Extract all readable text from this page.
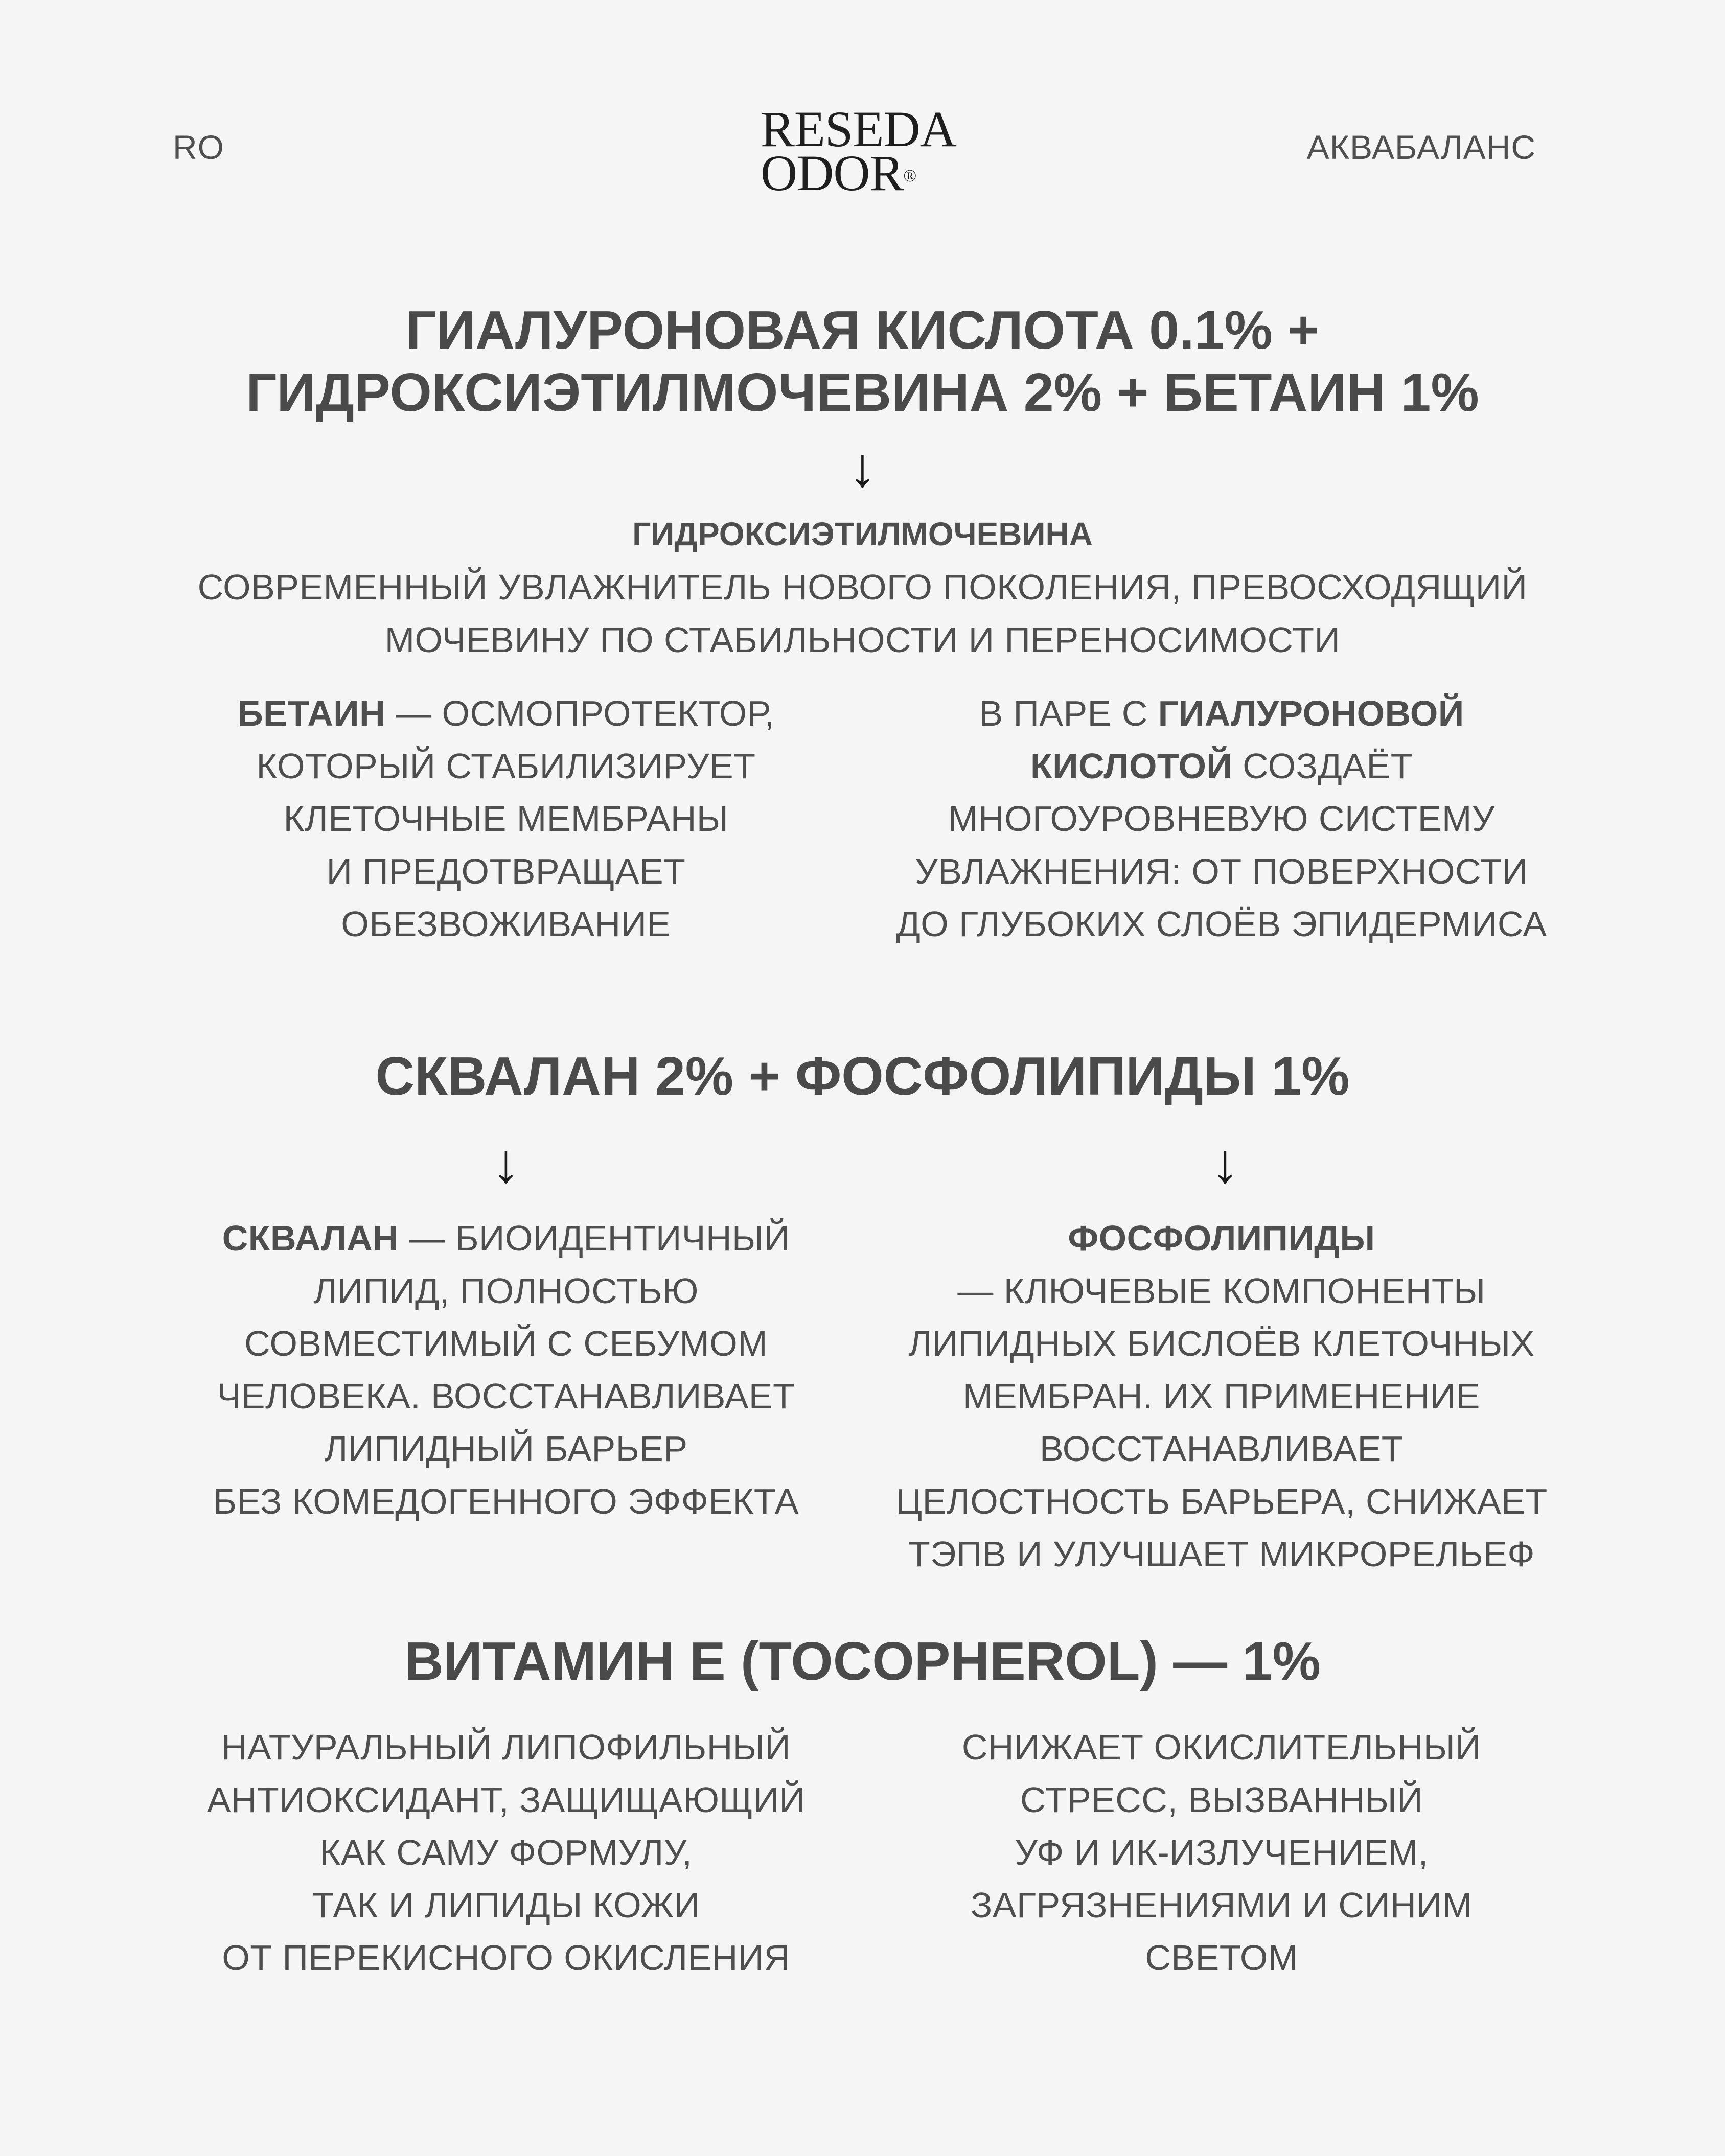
RO	RESEDA
ODOR®
АКВАБАЛАНС
ГИАЛУРОНОВАЯ КИСЛОТА 0.1% +
ГИДРОКСИЭТИЛМОЧЕВИНА 2% + БЕТАИН 1%
↓
ГИДРОКСИЭТИЛМОЧЕВИНА
СОВРЕМЕННЫЙ УВЛАЖНИТЕЛЬ НОВОГО ПОКОЛЕНИЯ, ПРЕВОСХОДЯЩИЙ
МОЧЕВИНУ ПО СТАБИЛЬНОСТИ И ПЕРЕНОСИМОСТИ
БЕТАИН — ОСМОПРОТЕКТОР,
КОТОРЫЙ СТАБИЛИЗИРУЕТ
КЛЕТОЧНЫЕ МЕМБРАНЫ
И ПРЕДОТВРАЩАЕТ
ОБЕЗВОЖИВАНИЕ
В ПАРЕ С ГИАЛУРОНОВОЙ
КИСЛОТОЙ СОЗДАЁТ
МНОГОУРОВНЕВУЮ СИСТЕМУ
УВЛАЖНЕНИЯ: ОТ ПОВЕРХНОСТИ
ДО ГЛУБОКИХ СЛОЁВ ЭПИДЕРМИСА
СКВАЛАН 2% + ФОСФОЛИПИДЫ 1%
↓	↓
СКВАЛАН — БИОИДЕНТИЧНЫЙ
ЛИПИД, ПОЛНОСТЬЮ
СОВМЕСТИМЫЙ С СЕБУМОМ
ЧЕЛОВЕКА. ВОССТАНАВЛИВАЕТ
ЛИПИДНЫЙ БАРЬЕР
БЕЗ КОМЕДОГЕННОГО ЭФФЕКТА
ФОСФОЛИПИДЫ
— КЛЮЧЕВЫЕ КОМПОНЕНТЫ
ЛИПИДНЫХ БИСЛОЁВ КЛЕТОЧНЫХ
МЕМБРАН. ИХ ПРИМЕНЕНИЕ
ВОССТАНАВЛИВАЕТ
ЦЕЛОСТНОСТЬ БАРЬЕРА, СНИЖАЕТ
ТЭПВ И УЛУЧШАЕТ МИКРОРЕЛЬЕФ
ВИТАМИН Е (TOCOPHEROL) — 1%
НАТУРАЛЬНЫЙ ЛИПОФИЛЬНЫЙ
АНТИОКСИДАНТ, ЗАЩИЩАЮЩИЙ
КАК САМУ ФОРМУЛУ,
ТАК И ЛИПИДЫ КОЖИ
ОТ ПЕРЕКИСНОГО ОКИСЛЕНИЯ
СНИЖАЕТ ОКИСЛИТЕЛЬНЫЙ
СТРЕСС, ВЫЗВАННЫЙ
УФ И ИК-ИЗЛУЧЕНИЕМ,
ЗАГРЯЗНЕНИЯМИ И СИНИМ
СВЕТОМ
